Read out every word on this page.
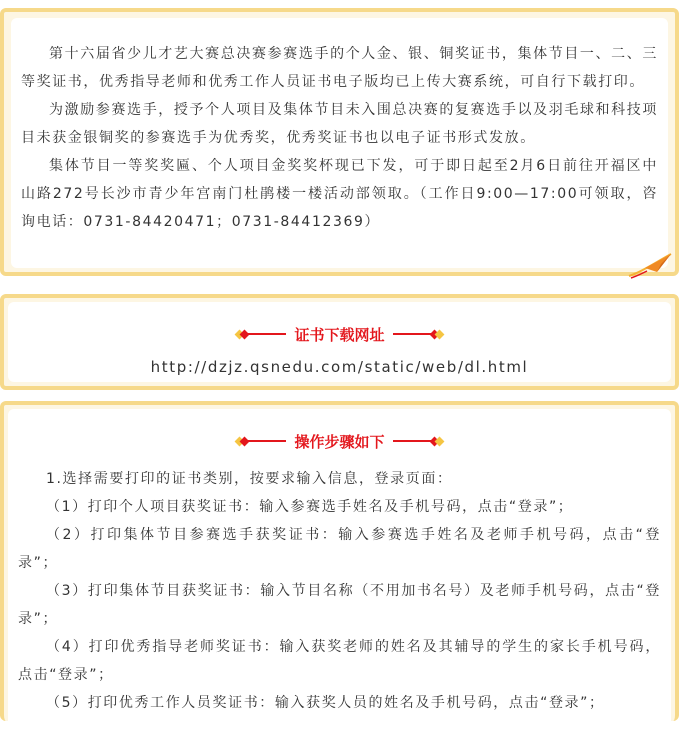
第十六届省少儿才艺大赛总决赛参赛选手的个人金、银、铜奖证书，集体节目一、二、三等奖证书，优秀指导老师和优秀工作人员证书电子版均已上传大赛系统，可自行下载打印。

为激励参赛选手，授予个人项目及集体节目未入围总决赛的复赛选手以及羽毛球和科技项目未获金银铜奖的参赛选手为优秀奖，优秀奖证书也以电子证书形式发放。

集体节目一等奖奖匾、个人项目金奖奖杯现已下发，可于即日起至2月6日前往开福区中山路272号长沙市青少年宫南门杜鹃楼一楼活动部领取。（工作日9:00—17:00可领取，咨询电话：0731-84420471；0731-84412369）

证书下载网址
http://dzjz.qsnedu.com/static/web/dl.html
操作步骤如下

1.选择需要打印的证书类别，按要求输入信息，登录页面：

（1）打印个人项目获奖证书：输入参赛选手姓名及手机号码，点击“登录”；

（2）打印集体节目参赛选手获奖证书：输入参赛选手姓名及老师手机号码，点击“登录”；

（3）打印集体节目获奖证书：输入节目名称（不用加书名号）及老师手机号码，点击“登录”；

（4）打印优秀指导老师奖证书：输入获奖老师的姓名及其辅导的学生的家长手机号码，点击“登录”；

（5）打印优秀工作人员奖证书：输入获奖人员的姓名及手机号码，点击“登录”；
